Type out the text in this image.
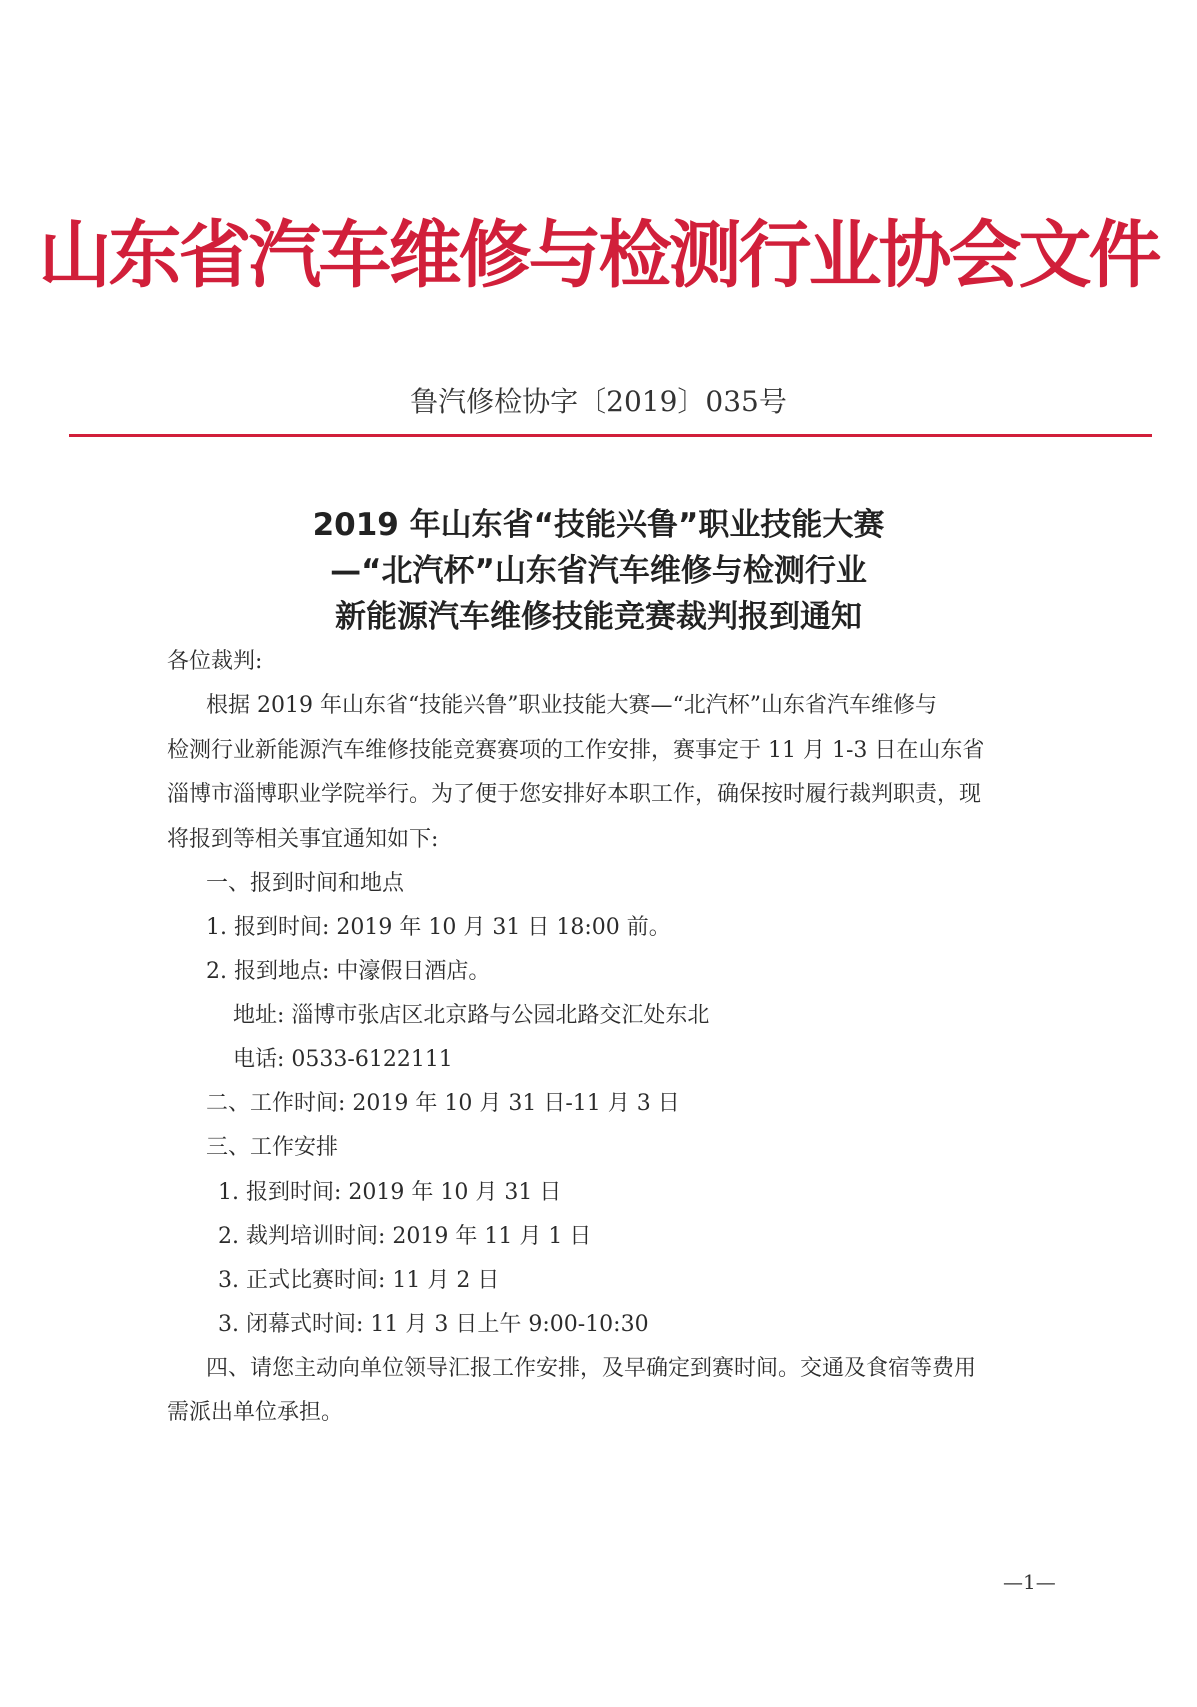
山东省汽车维修与检测行业协会文件
鲁汽修检协字〔2019〕035号
2019 年山东省“技能兴鲁”职业技能大赛
—“北汽杯”山东省汽车维修与检测行业
新能源汽车维修技能竞赛裁判报到通知
各位裁判:
根据 2019 年山东省“技能兴鲁”职业技能大赛—“北汽杯”山东省汽车维修与
检测行业新能源汽车维修技能竞赛赛项的工作安排，赛事定于 11 月 1-3 日在山东省
淄博市淄博职业学院举行。为了便于您安排好本职工作，确保按时履行裁判职责，现
将报到等相关事宜通知如下:
一、报到时间和地点
1. 报到时间: 2019 年 10 月 31 日 18:00 前。
2. 报到地点: 中濠假日酒店。
地址: 淄博市张店区北京路与公园北路交汇处东北
电话: 0533-6122111
二、工作时间: 2019 年 10 月 31 日-11 月 3 日
三、工作安排
1. 报到时间: 2019 年 10 月 31 日
2. 裁判培训时间: 2019 年 11 月 1 日
3. 正式比赛时间: 11 月 2 日
3. 闭幕式时间: 11 月 3 日上午 9:00-10:30
四、请您主动向单位领导汇报工作安排，及早确定到赛时间。交通及食宿等费用
需派出单位承担。
—1—
